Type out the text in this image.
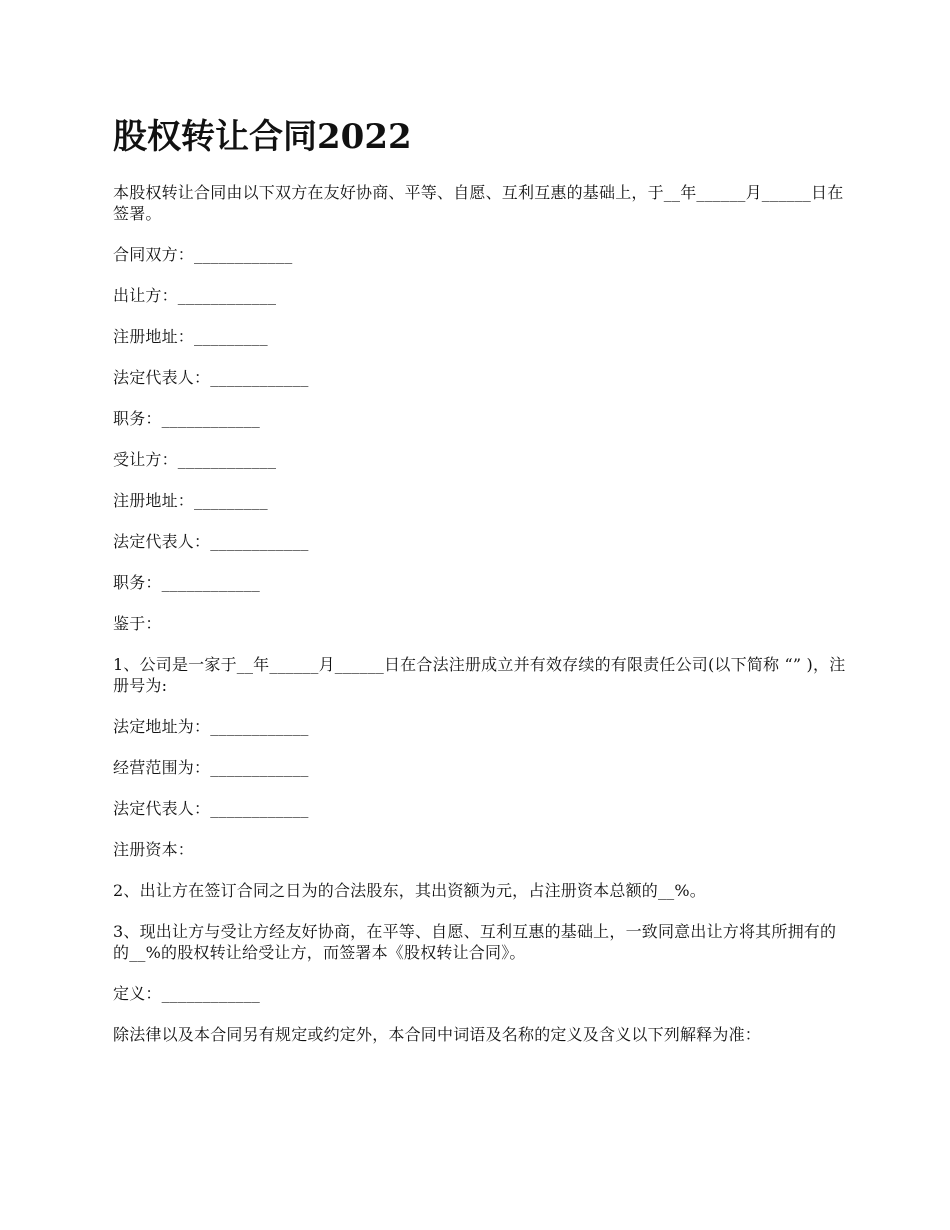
股权转让合同2022

本股权转让合同由以下双方在友好协商、平等、自愿、互利互惠的基础上，于__年______月______日在签署。

合同双方：____________

出让方：____________

注册地址：_________

法定代表人：____________

职务：____________

受让方：____________

注册地址：_________

法定代表人：____________

职务：____________

鉴于：

1、公司是一家于__年______月______日在合法注册成立并有效存续的有限责任公司(以下简称 “” )，注册号为:

法定地址为：____________

经营范围为：____________

法定代表人：____________

注册资本：

2、出让方在签订合同之日为的合法股东，其出资额为元，占注册资本总额的__%。

3、现出让方与受让方经友好协商，在平等、自愿、互利互惠的基础上，一致同意出让方将其所拥有的 的__%的股权转让给受让方，而签署本《股权转让合同》。

定义：____________

除法律以及本合同另有规定或约定外，本合同中词语及名称的定义及含义以下列解释为准：
